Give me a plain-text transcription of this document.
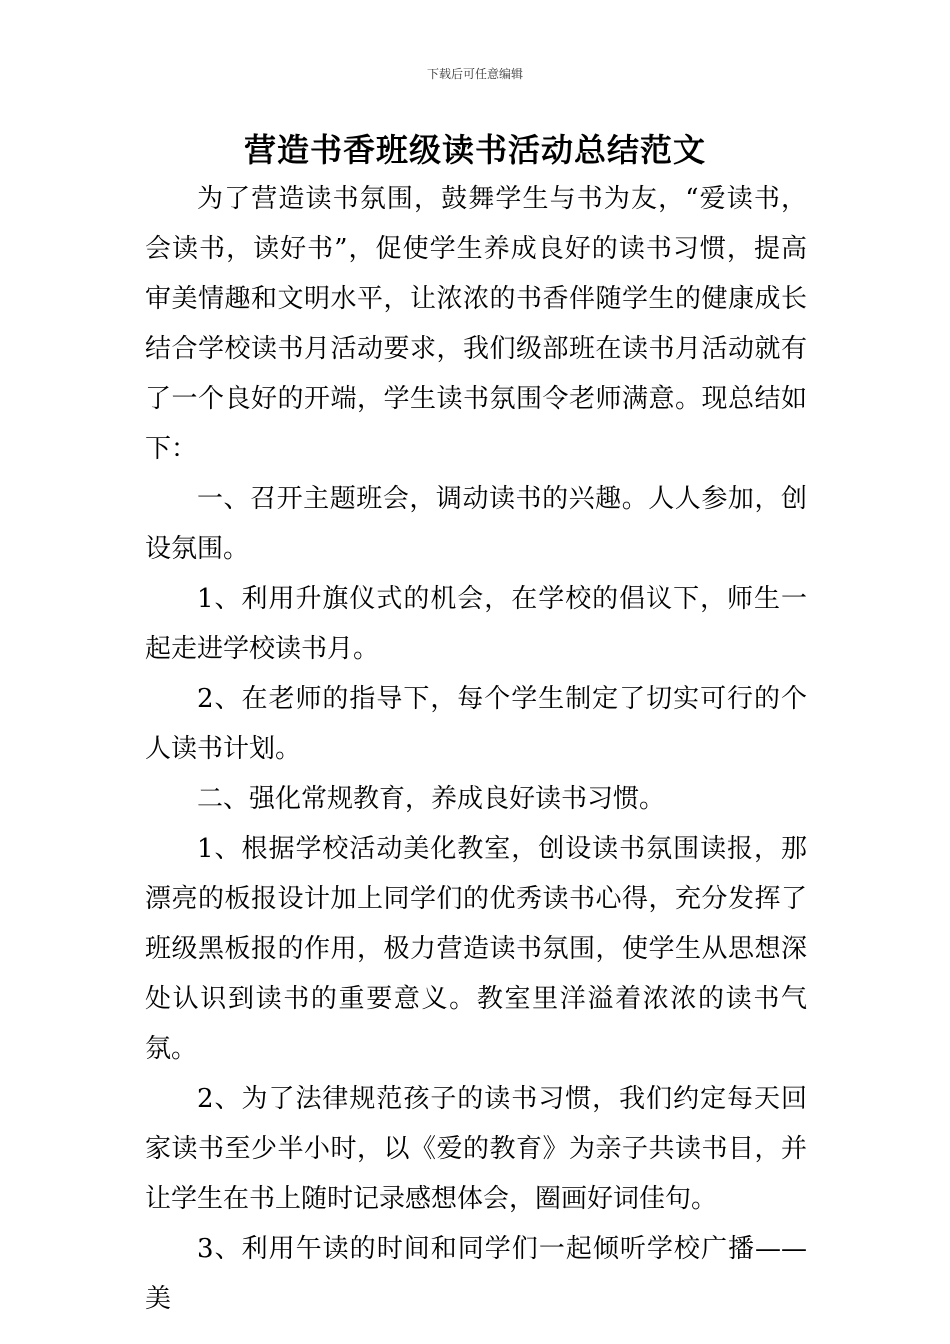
下载后可任意编辑
营造书香班级读书活动总结范文

为了营造读书氛围，鼓舞学生与书为友，“爱读书，会读书，读好书”，促使学生养成良好的读书习惯，提高审美情趣和文明水平，让浓浓的书香伴随学生的健康成长结合学校读书月活动要求，我们级部班在读书月活动就有了一个良好的开端，学生读书氛围令老师满意。现总结如下：

一、召开主题班会，调动读书的兴趣。人人参加，创设氛围。

1、利用升旗仪式的机会，在学校的倡议下，师生一起走进学校读书月。

2、在老师的指导下，每个学生制定了切实可行的个人读书计划。

二、强化常规教育，养成良好读书习惯。

1、根据学校活动美化教室，创设读书氛围读报，那漂亮的板报设计加上同学们的优秀读书心得，充分发挥了班级黑板报的作用，极力营造读书氛围，使学生从思想深处认识到读书的重要意义。教室里洋溢着浓浓的读书气氛。

2、为了法律规范孩子的读书习惯，我们约定每天回家读书至少半小时，以《爱的教育》为亲子共读书目，并让学生在书上随时记录感想体会，圈画好词佳句。

3、利用午读的时间和同学们一起倾听学校广播——美
